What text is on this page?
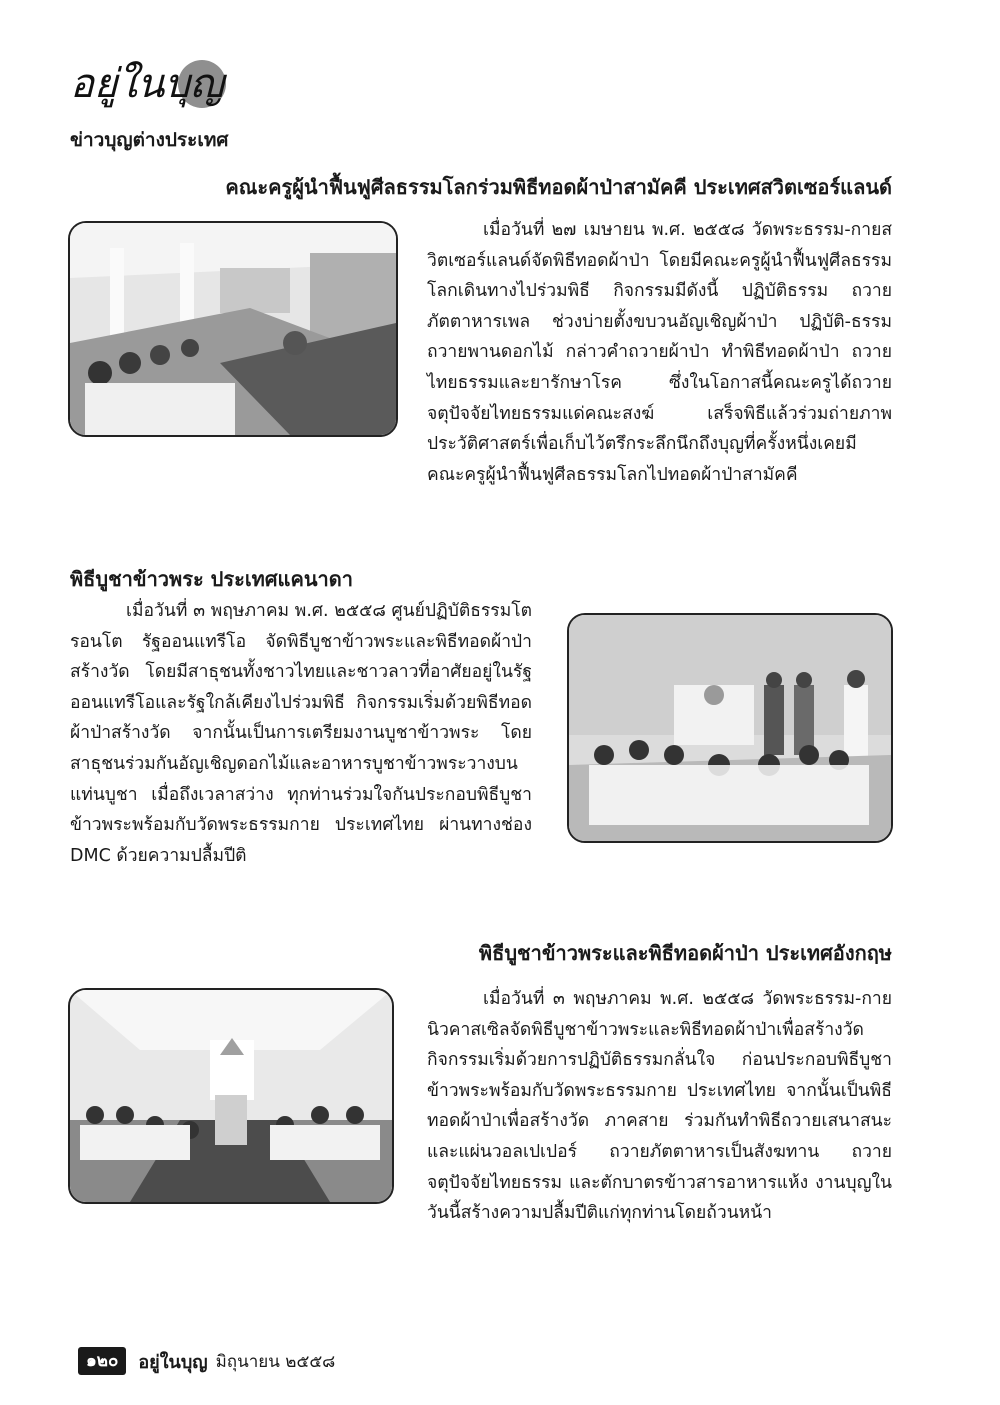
อยู่ในบุญ
ข่าวบุญต่างประเทศ
คณะครูผู้นำฟื้นฟูศีลธรรมโลกร่วมพิธีทอดผ้าป่าสามัคคี ประเทศสวิตเซอร์แลนด์

เมื่อวันที่ ๒๗ เมษายน พ.ศ. ๒๕๕๘ วัดพระธรรม-กายสวิตเซอร์แลนด์จัดพิธีทอดผ้าป่า โดยมีคณะครูผู้นำฟื้นฟูศีลธรรมโลกเดินทางไปร่วมพิธี กิจกรรมมีดังนี้ ปฏิบัติธรรม ถวายภัตตาหารเพล ช่วงบ่ายตั้งขบวนอัญเชิญผ้าป่า ปฏิบัติ-ธรรม ถวายพานดอกไม้ กล่าวคำถวายผ้าป่า ทำพิธีทอดผ้าป่า ถวายไทยธรรมและยารักษาโรค ซึ่งในโอกาสนี้คณะครูได้ถวายจตุปัจจัยไทยธรรมแด่คณะสงฆ์ เสร็จพิธีแล้วร่วมถ่ายภาพประวัติศาสตร์เพื่อเก็บไว้ตรึกระลึกนึกถึงบุญที่ครั้งหนึ่งเคยมีคณะครูผู้นำฟื้นฟูศีลธรรมโลกไปทอดผ้าป่าสามัคคี

พิธีบูชาข้าวพระ ประเทศแคนาดา

เมื่อวันที่ ๓ พฤษภาคม พ.ศ. ๒๕๕๘ ศูนย์ปฏิบัติธรรมโตรอนโต รัฐออนแทรีโอ จัดพิธีบูชาข้าวพระและพิธีทอดผ้าป่าสร้างวัด โดยมีสาธุชนทั้งชาวไทยและชาวลาวที่อาศัยอยู่ในรัฐออนแทรีโอและรัฐใกล้เคียงไปร่วมพิธี กิจกรรมเริ่มด้วยพิธีทอดผ้าป่าสร้างวัด จากนั้นเป็นการเตรียมงานบูชาข้าวพระ โดยสาธุชนร่วมกันอัญเชิญดอกไม้และอาหารบูชาข้าวพระวางบนแท่นบูชา เมื่อถึงเวลาสว่าง ทุกท่านร่วมใจกันประกอบพิธีบูชาข้าวพระพร้อมกับวัดพระธรรมกาย ประเทศไทย ผ่านทางช่อง DMC ด้วยความปลื้มปีติ

พิธีบูชาข้าวพระและพิธีทอดผ้าป่า ประเทศอังกฤษ

เมื่อวันที่ ๓ พฤษภาคม พ.ศ. ๒๕๕๘ วัดพระธรรม-กายนิวคาสเซิลจัดพิธีบูชาข้าวพระและพิธีทอดผ้าป่าเพื่อสร้างวัด กิจกรรมเริ่มด้วยการปฏิบัติธรรมกลั่นใจ ก่อนประกอบพิธีบูชาข้าวพระพร้อมกับวัดพระธรรมกาย ประเทศไทย จากนั้นเป็นพิธีทอดผ้าป่าเพื่อสร้างวัด ภาคสาย ร่วมกันทำพิธีถวายเสนาสนะและแผ่นวอลเปเปอร์ ถวายภัตตาหารเป็นสังฆทาน ถวายจตุปัจจัยไทยธรรม และตักบาตรข้าวสารอาหารแห้ง งานบุญในวันนี้สร้างความปลื้มปีติแก่ทุกท่านโดยถ้วนหน้า

๑๒๐	อยู่ในบุญ มิถุนายน ๒๕๕๘
